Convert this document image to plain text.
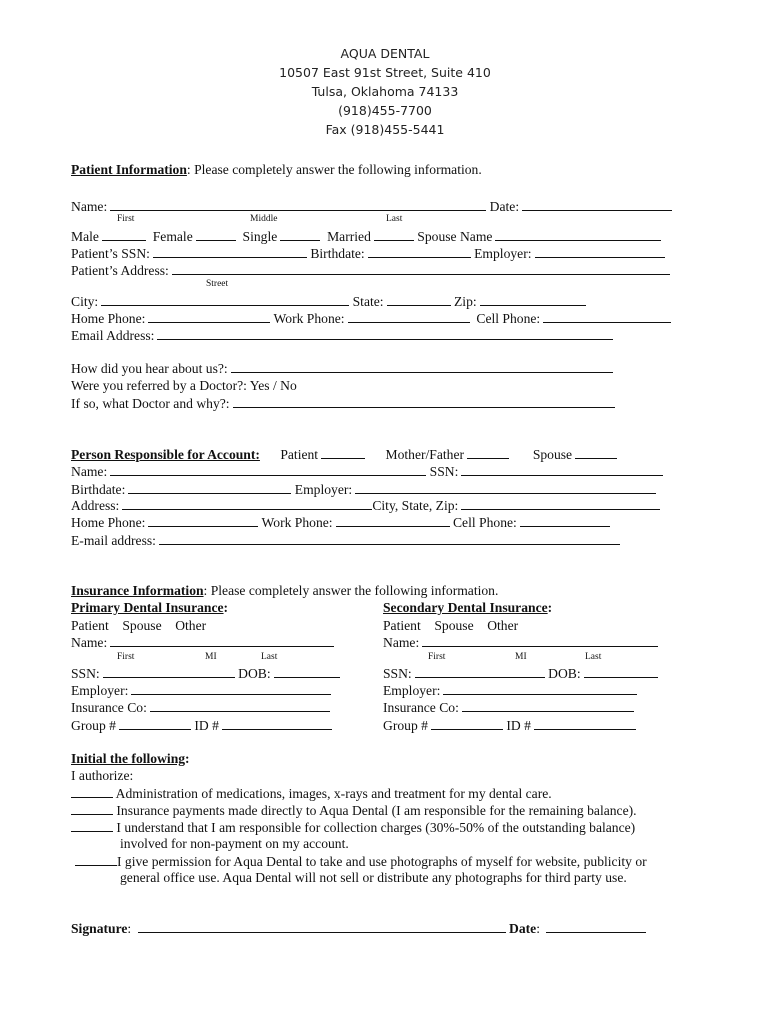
AQUA DENTAL
10507 East 91st Street, Suite 410
Tulsa, Oklahoma 74133
(918)455-7700
Fax (918)455-5441
Patient Information: Please completely answer the following information.
Name:	Date:
First	Middle	Last
Male	Female	Single	Married	Spouse Name
Patient’s SSN:	Birthdate:	Employer:
Patient’s Address:
Street
City:	State:	Zip:
Home Phone:	Work Phone:	Cell Phone:
Email Address:
How did you hear about us?:
Were you referred by a Doctor?: Yes / No
If so, what Doctor and why?:
Person Responsible for Account: Patient	Mother/Father	Spouse
Name:	SSN:
Birthdate:	Employer:
Address:	City, State, Zip:
Home Phone:	Work Phone:	Cell Phone:
E-mail address:
Insurance Information: Please completely answer the following information.
Primary Dental Insurance:	Secondary Dental Insurance:
Patient    Spouse    Other	Patient    Spouse    Other
Name:	Name:
First	MI	Last	First	MI	Last
SSN:	DOB:	SSN:	DOB:
Employer:	Employer:
Insurance Co:	Insurance Co:
Group #	ID #	Group #	ID #
Initial the following:
I authorize:
Administration of medications, images, x-rays and treatment for my dental care.
Insurance payments made directly to Aqua Dental (I am responsible for the remaining balance).
I understand that I am responsible for collection charges (30%-50% of the outstanding balance)
involved for non-payment on my account.
I give permission for Aqua Dental to take and use photographs of myself for website, publicity or
general office use. Aqua Dental will not sell or distribute any photographs for third party use.
Signature:	Date:
